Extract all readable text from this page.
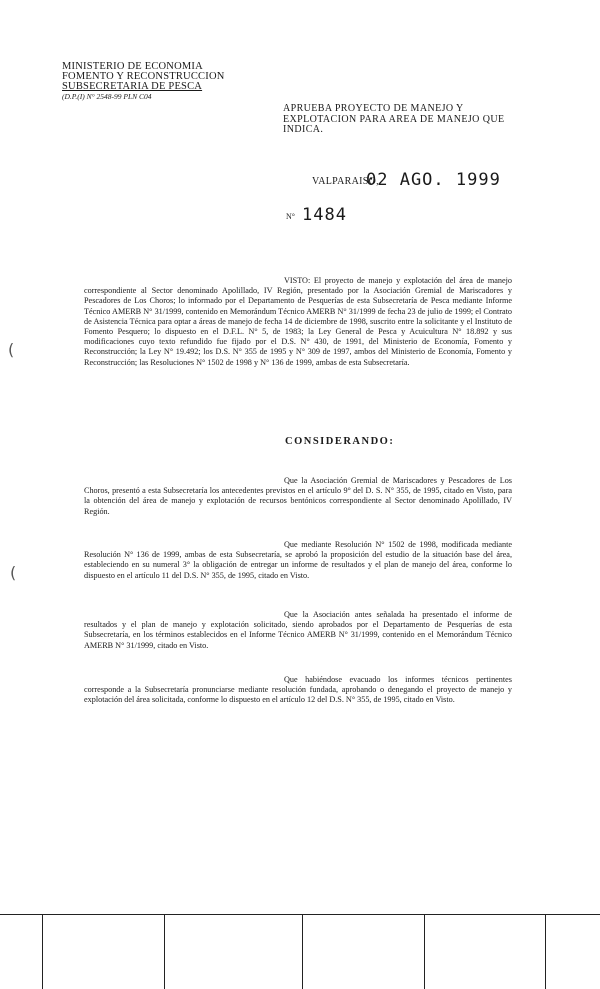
MINISTERIO DE ECONOMIA
FOMENTO Y RECONSTRUCCION
SUBSECRETARIA DE PESCA
(D.P.(I) N° 2548-99 PLN C04
APRUEBA PROYECTO DE MANEJO Y EXPLOTACION PARA AREA DE MANEJO QUE INDICA.
VALPARAISO,
02 AGO. 1999
N° 1484
VISTO: El proyecto de manejo y explotación del área de manejo correspondiente al Sector denominado Apolillado, IV Región, presentado por la Asociación Gremial de Mariscadores y Pescadores de Los Choros; lo informado por el Departamento de Pesquerías de esta Subsecretaría de Pesca mediante Informe Técnico AMERB N° 31/1999, contenido en Memorándum Técnico AMERB N° 31/1999 de fecha 23 de julio de 1999; el Contrato de Asistencia Técnica para optar a áreas de manejo de fecha 14 de diciembre de 1998, suscrito entre la solicitante y el Instituto de Fomento Pesquero; lo dispuesto en el D.F.L. N° 5, de 1983; la Ley General de Pesca y Acuicultura N° 18.892 y sus modificaciones cuyo texto refundido fue fijado por el D.S. N° 430, de 1991, del Ministerio de Economía, Fomento y Reconstrucción; la Ley N° 19.492; los D.S. N° 355 de 1995 y N° 309 de 1997, ambos del Ministerio de Economía, Fomento y Reconstrucción; las Resoluciones N° 1502 de 1998 y N° 136 de 1999, ambas de esta Subsecretaría.
CONSIDERANDO:
Que la Asociación Gremial de Mariscadores y Pescadores de Los Choros, presentó a esta Subsecretaría los antecedentes previstos en el artículo 9° del D. S. N° 355, de 1995, citado en Visto, para la obtención del área de manejo y explotación de recursos bentónicos correspondiente al Sector denominado Apolillado, IV Región.
Que mediante Resolución N° 1502 de 1998, modificada mediante Resolución N° 136 de 1999, ambas de esta Subsecretaría, se aprobó la proposición del estudio de la situación base del área, estableciendo en su numeral 3° la obligación de entregar un informe de resultados y el plan de manejo del área, conforme lo dispuesto en el artículo 11 del D.S. N° 355, de 1995, citado en Visto.
Que la Asociación antes señalada ha presentado el informe de resultados y el plan de manejo y explotación solicitado, siendo aprobados por el Departamento de Pesquerías de esta Subsecretaría, en los términos establecidos en el Informe Técnico AMERB N° 31/1999, contenido en el Memorándum Técnico AMERB N° 31/1999, citado en Visto.
Que habiéndose evacuado los informes técnicos pertinentes corresponde a la Subsecretaría pronunciarse mediante resolución fundada, aprobando o denegando el proyecto de manejo y explotación del área solicitada, conforme lo dispuesto en el artículo 12 del D.S. N° 355, de 1995, citado en Visto.
(
(
